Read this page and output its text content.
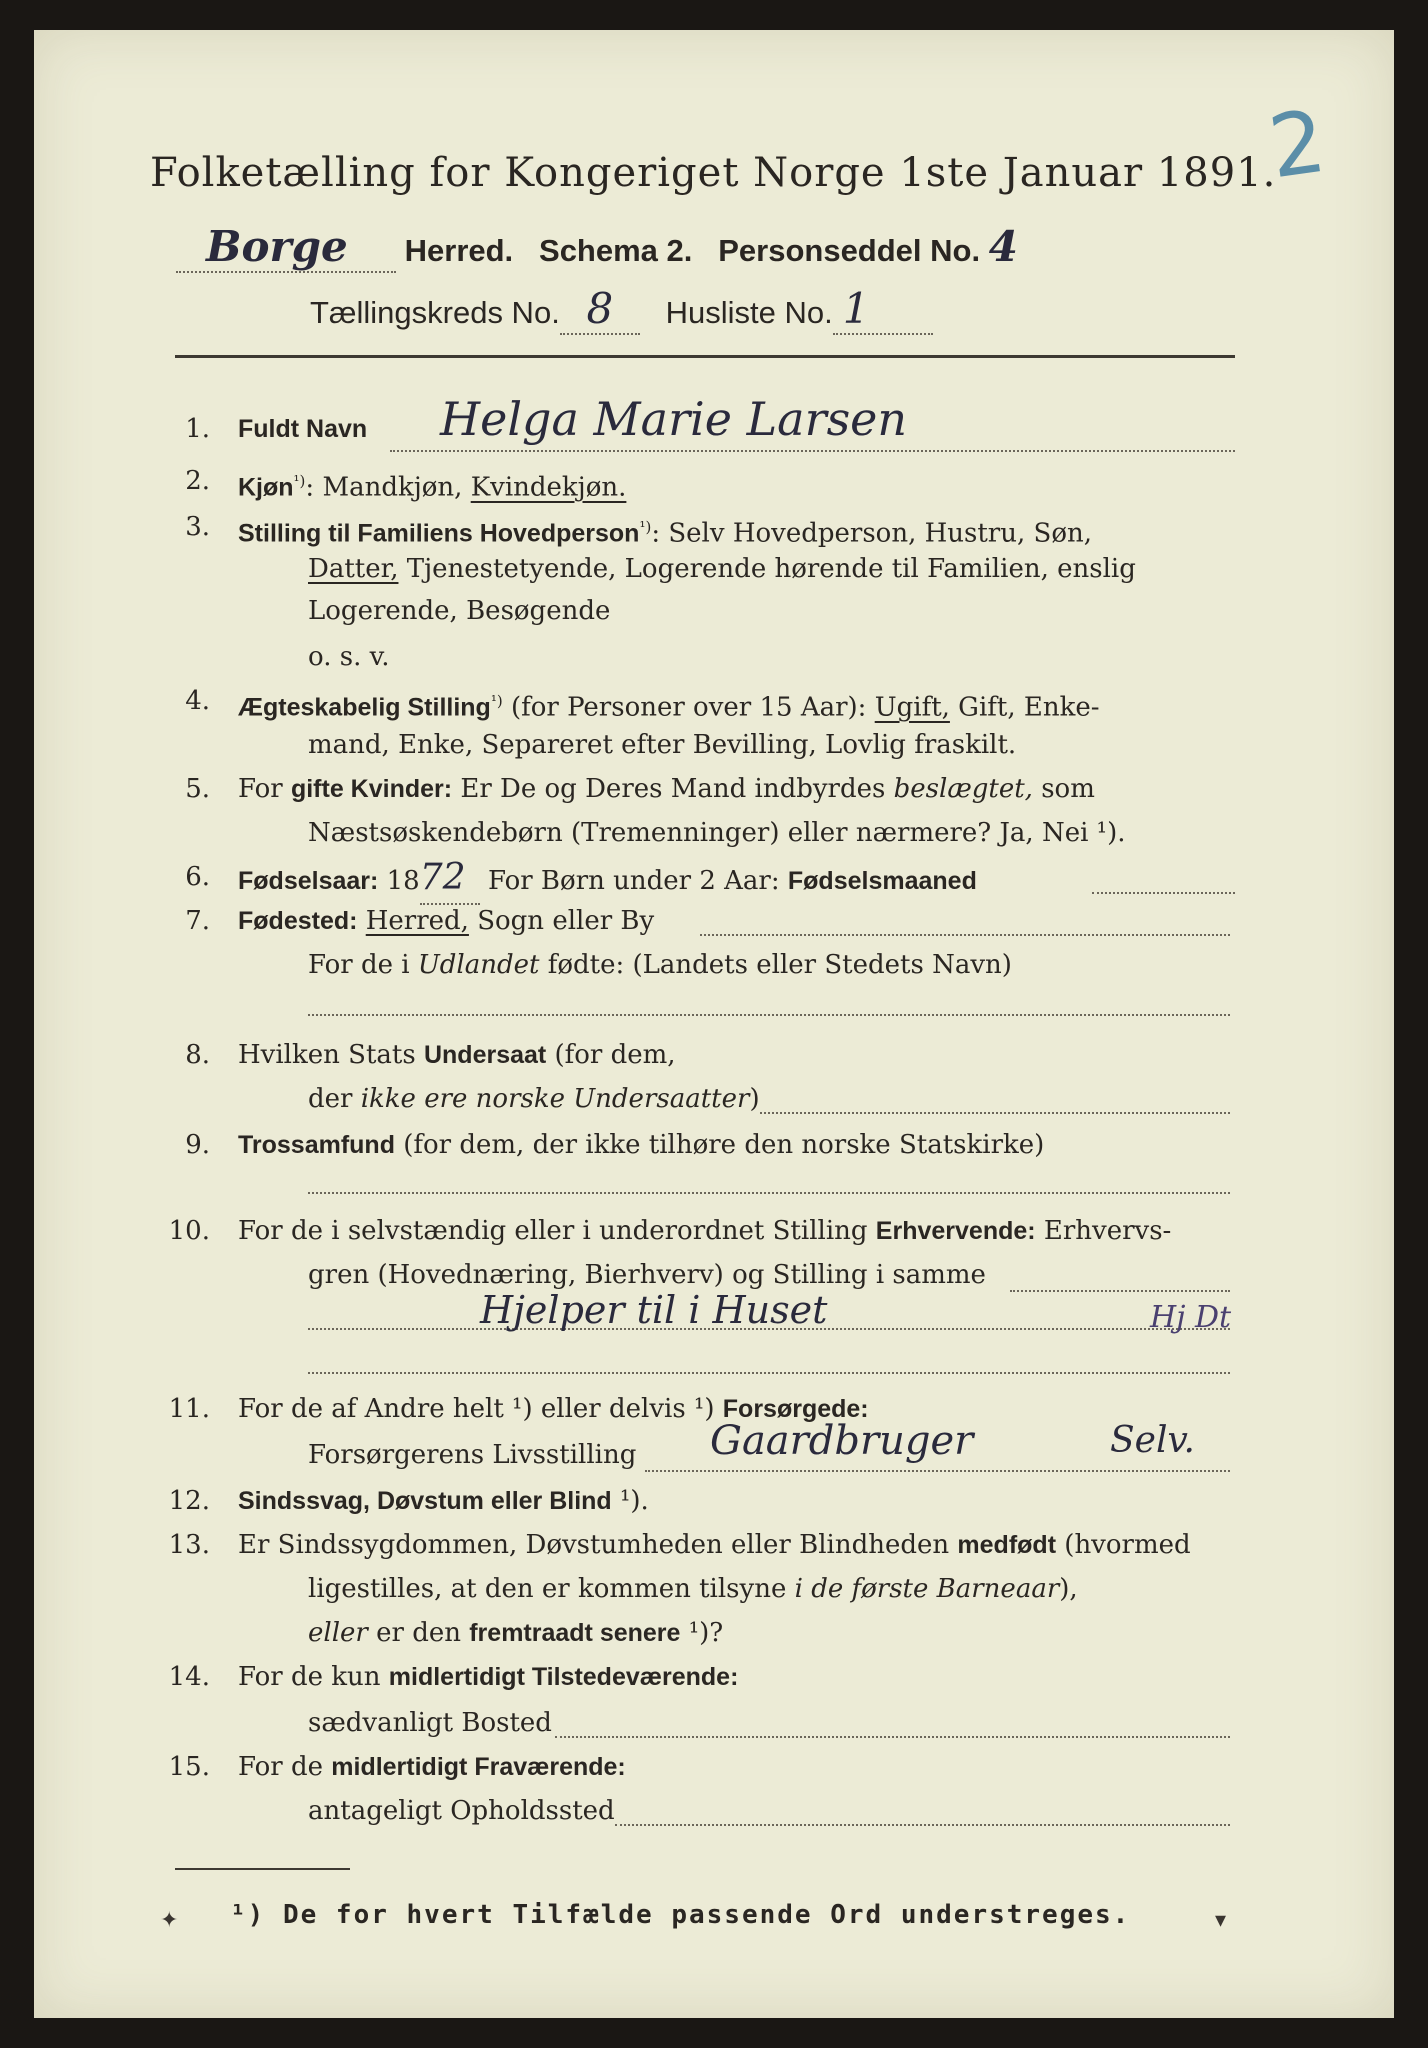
2
Folketælling for Kongeriget Norge 1ste Januar 1891.
Borge Herred. Schema 2. Personseddel No. 4
Tællingskreds No. 8 Husliste No. 1
1. Fuldt Navn Helga Marie Larsen
2. Kjøn$^{^1)}$: Mandkjøn, Kvindekjøn.
3. Stilling til Familiens Hovedperson$^{^1)}$: Selv Hovedperson, Hustru, Søn,
Datter, Tjenestetyende, Logerende hørende til Familien, enslig
Logerende, Besøgende
o. s. v.
4. Ægteskabelig Stilling$^{^1)}$ (for Personer over 15 Aar): Ugift, Gift, Enke-
mand, Enke, Separeret efter Bevilling, Lovlig fraskilt.
5. For gifte Kvinder: Er De og Deres Mand indbyrdes beslægtet, som
Næstsøskendebørn (Tremenninger) eller nærmere? Ja, Nei ¹).
6. Fødselsaar: 1872 For Børn under 2 Aar: Fødselsmaaned
7. Fødested: Herred, Sogn eller By
For de i Udlandet fødte: (Landets eller Stedets Navn)
8. Hvilken Stats Undersaat (for dem,
der ikke ere norske Undersaatter)
9. Trossamfund (for dem, der ikke tilhøre den norske Statskirke)
10. For de i selvstændig eller i underordnet Stilling Erhvervende: Erhvervs-
gren (Hovednæring, Bierhverv) og Stilling i samme
Hjelper til i Huset	Hj Dt
11. For de af Andre helt ¹) eller delvis ¹) Forsørgede:
Forsørgerens Livsstilling Gaardbruger	Selv.
12. Sindssvag, Døvstum eller Blind ¹).
13. Er Sindssygdommen, Døvstumheden eller Blindheden medfødt (hvormed
ligestilles, at den er kommen tilsyne i de første Barneaar),
eller er den fremtraadt senere ¹)?
14. For de kun midlertidigt Tilstedeværende:
sædvanligt Bosted
15. For de midlertidigt Fraværende:
antageligt Opholdssted
¹) De for hvert Tilfælde passende Ord understreges.
✦	▾
